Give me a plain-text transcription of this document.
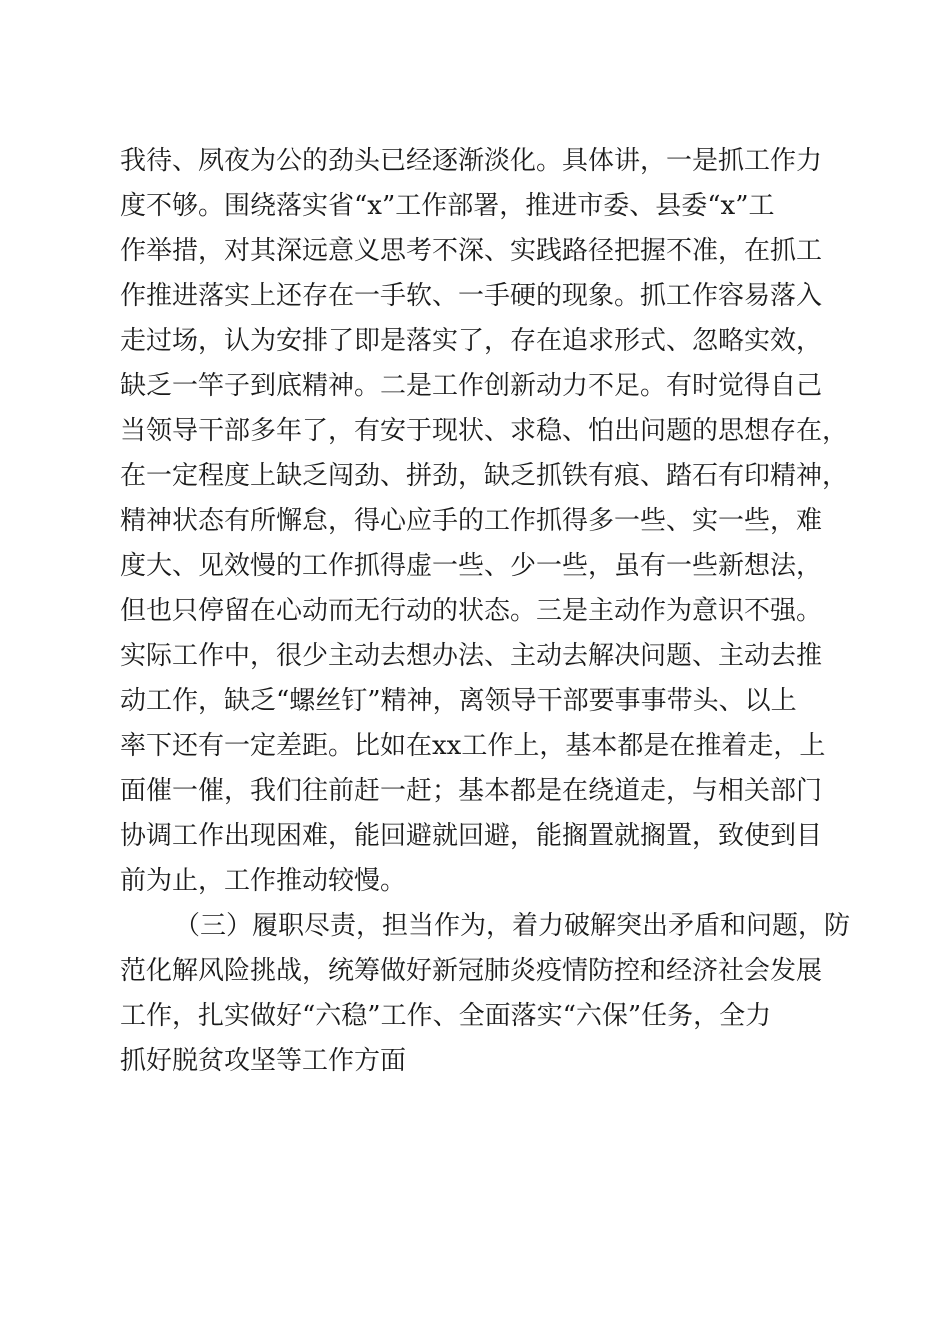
我待、夙夜为公的劲头已经逐渐淡化。具体讲，一是抓工作力
度不够。围绕落实省“x”工作部署，推进市委、县委“x”工
作举措，对其深远意义思考不深、实践路径把握不准，在抓工
作推进落实上还存在一手软、一手硬的现象。抓工作容易落入
走过场，认为安排了即是落实了，存在追求形式、忽略实效，
缺乏一竿子到底精神。二是工作创新动力不足。有时觉得自己
当领导干部多年了，有安于现状、求稳、怕出问题的思想存在，
在一定程度上缺乏闯劲、拼劲，缺乏抓铁有痕、踏石有印精神，
精神状态有所懈怠，得心应手的工作抓得多一些、实一些，难
度大、见效慢的工作抓得虚一些、少一些，虽有一些新想法，
但也只停留在心动而无行动的状态。三是主动作为意识不强。
实际工作中，很少主动去想办法、主动去解决问题、主动去推
动工作，缺乏“螺丝钉”精神，离领导干部要事事带头、以上
率下还有一定差距。比如在xx工作上，基本都是在推着走，上
面催一催，我们往前赶一赶；基本都是在绕道走，与相关部门
协调工作出现困难，能回避就回避，能搁置就搁置，致使到目
前为止，工作推动较慢。
（三）履职尽责，担当作为，着力破解突出矛盾和问题，防
范化解风险挑战，统筹做好新冠肺炎疫情防控和经济社会发展
工作，扎实做好“六稳”工作、全面落实“六保”任务，全力
抓好脱贫攻坚等工作方面
